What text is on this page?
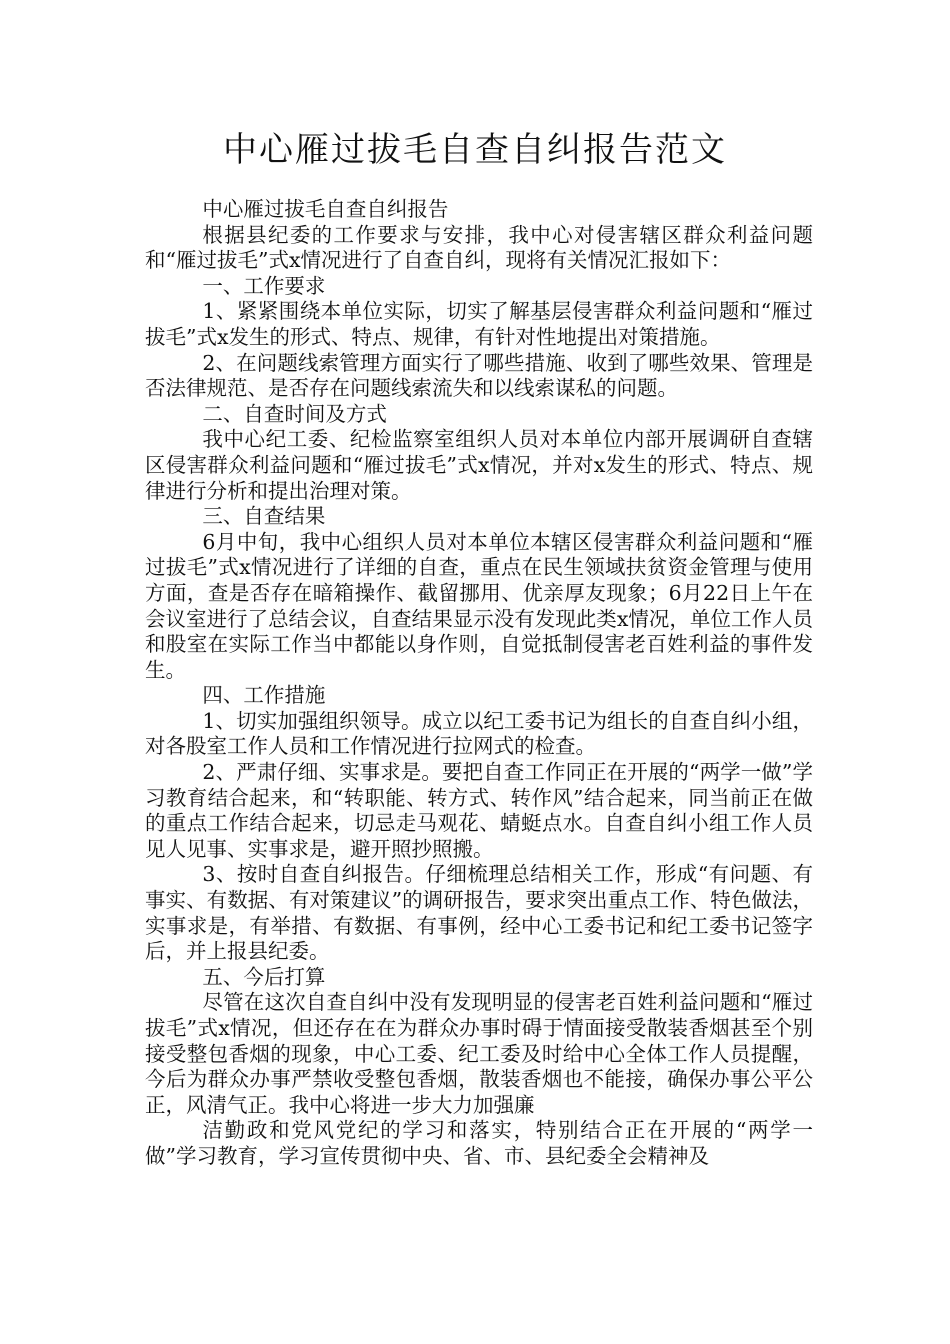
中心雁过拔毛自查自纠报告范文

中心雁过拔毛自查自纠报告

根据县纪委的工作要求与安排，我中心对侵害辖区群众利益问题和“雁过拔毛”式x情况进行了自查自纠，现将有关情况汇报如下：

一、工作要求

1、紧紧围绕本单位实际，切实了解基层侵害群众利益问题和“雁过拔毛”式x发生的形式、特点、规律，有针对性地提出对策措施。

2、在问题线索管理方面实行了哪些措施、收到了哪些效果、管理是否法律规范、是否存在问题线索流失和以线索谋私的问题。

二、自查时间及方式

我中心纪工委、纪检监察室组织人员对本单位内部开展调研自查辖区侵害群众利益问题和“雁过拔毛”式x情况，并对x发生的形式、特点、规律进行分析和提出治理对策。

三、自查结果

6月中旬，我中心组织人员对本单位本辖区侵害群众利益问题和“雁过拔毛”式x情况进行了详细的自查，重点在民生领域扶贫资金管理与使用方面，查是否存在暗箱操作、截留挪用、优亲厚友现象；6月22日上午在会议室进行了总结会议，自查结果显示没有发现此类x情况，单位工作人员和股室在实际工作当中都能以身作则，自觉抵制侵害老百姓利益的事件发生。

四、工作措施

1、切实加强组织领导。成立以纪工委书记为组长的自查自纠小组，对各股室工作人员和工作情况进行拉网式的检查。

2、严肃仔细、实事求是。要把自查工作同正在开展的“两学一做”学习教育结合起来，和“转职能、转方式、转作风”结合起来，同当前正在做的重点工作结合起来，切忌走马观花、蜻蜓点水。自查自纠小组工作人员见人见事、实事求是，避开照抄照搬。

3、按时自查自纠报告。仔细梳理总结相关工作，形成“有问题、有事实、有数据、有对策建议”的调研报告，要求突出重点工作、特色做法，实事求是，有举措、有数据、有事例，经中心工委书记和纪工委书记签字后，并上报县纪委。

五、今后打算

尽管在这次自查自纠中没有发现明显的侵害老百姓利益问题和“雁过拔毛”式x情况，但还存在在为群众办事时碍于情面接受散装香烟甚至个别接受整包香烟的现象，中心工委、纪工委及时给中心全体工作人员提醒，今后为群众办事严禁收受整包香烟，散装香烟也不能接，确保办事公平公正，风清气正。我中心将进一步大力加强廉

洁勤政和党风党纪的学习和落实，特别结合正在开展的“两学一做”学习教育，学习宣传贯彻中央、省、市、县纪委全会精神及
